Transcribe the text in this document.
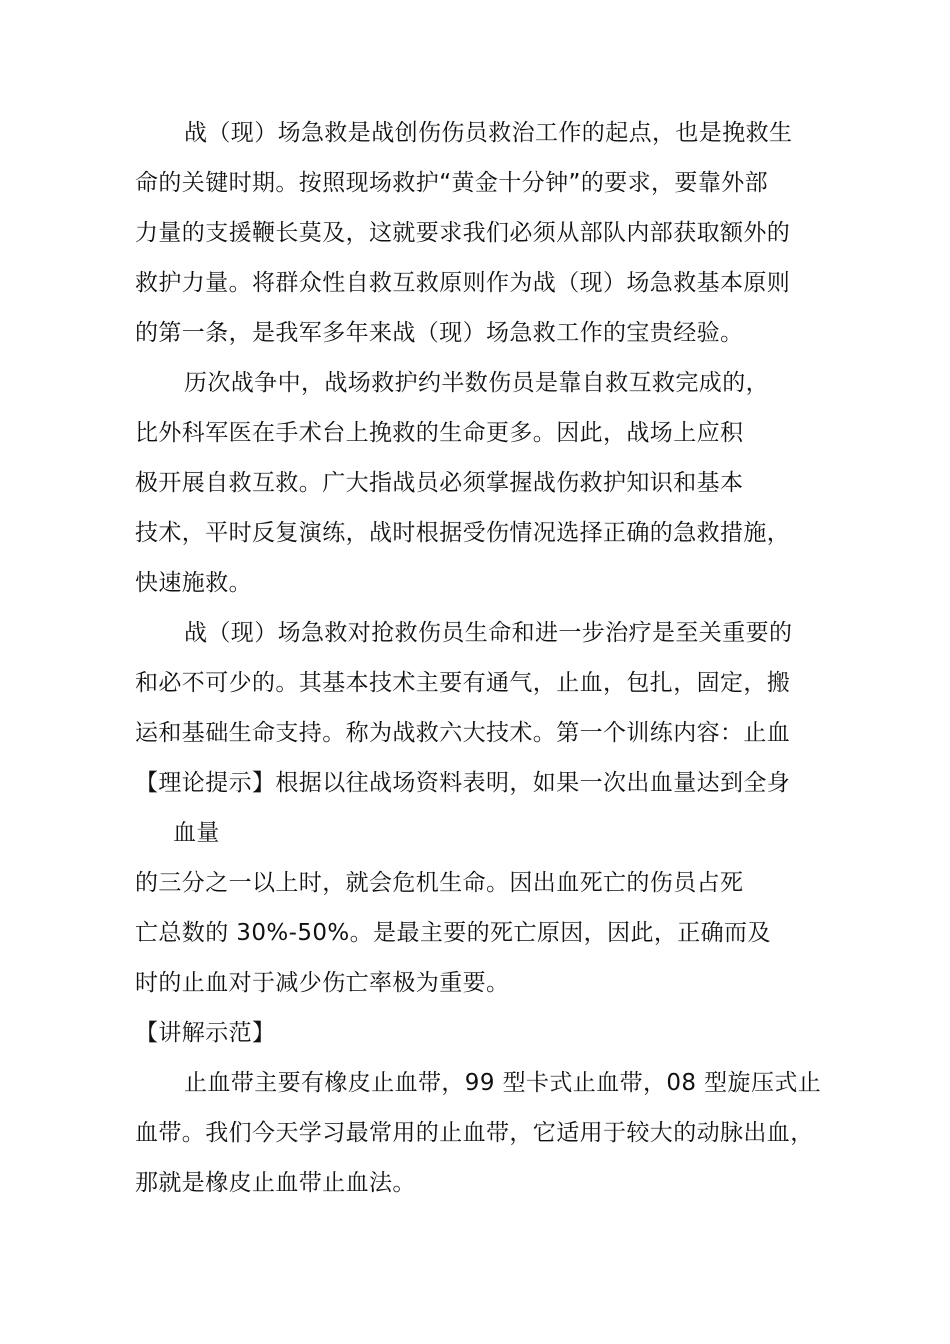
战（现）场急救是战创伤伤员救治工作的起点，也是挽救生
命的关键时期。按照现场救护“黄金十分钟”的要求，要靠外部
力量的支援鞭长莫及，这就要求我们必须从部队内部获取额外的
救护力量。将群众性自救互救原则作为战（现）场急救基本原则
的第一条，是我军多年来战（现）场急救工作的宝贵经验。
历次战争中，战场救护约半数伤员是靠自救互救完成的，
比外科军医在手术台上挽救的生命更多。因此，战场上应积
极开展自救互救。广大指战员必须掌握战伤救护知识和基本
技术，平时反复演练，战时根据受伤情况选择正确的急救措施，
快速施救。
战（现）场急救对抢救伤员生命和进一步治疗是至关重要的
和必不可少的。其基本技术主要有通气，止血，包扎，固定，搬
运和基础生命支持。称为战救六大技术。第一个训练内容：止血
【理论提示】根据以往战场资料表明，如果一次出血量达到全身
血量
的三分之一以上时，就会危机生命。因出血死亡的伤员占死
亡总数的 30%-50%。是最主要的死亡原因，因此，正确而及
时的止血对于减少伤亡率极为重要。
【讲解示范】
止血带主要有橡皮止血带，99 型卡式止血带，08 型旋压式止
血带。我们今天学习最常用的止血带，它适用于较大的动脉出血，
那就是橡皮止血带止血法。
